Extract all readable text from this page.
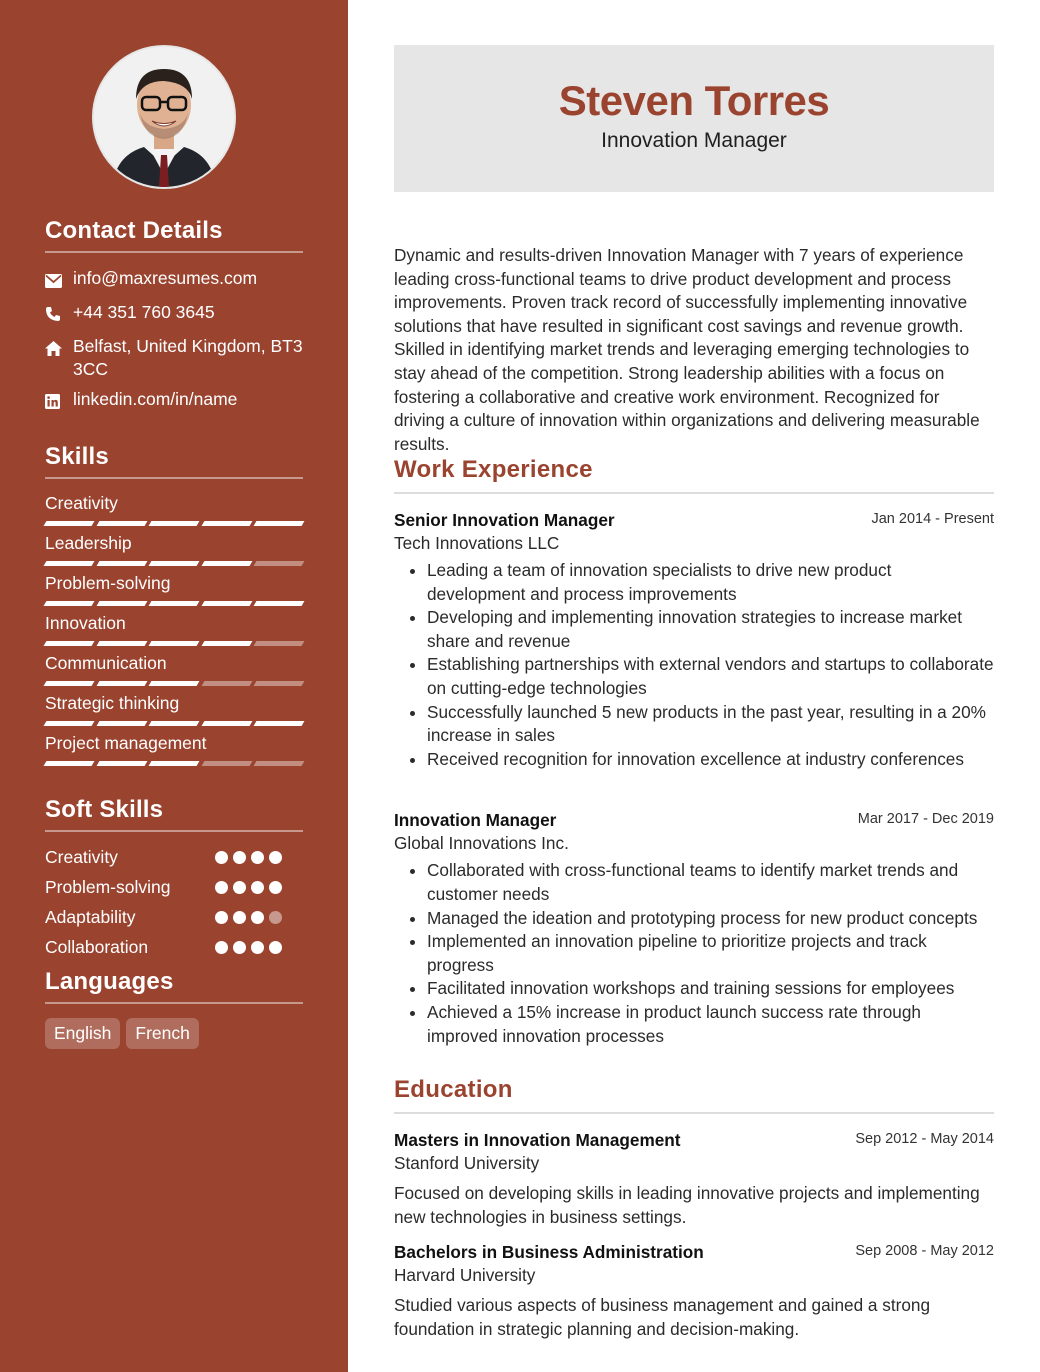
Contact Details
info@maxresumes.com
+44 351 760 3645
Belfast, United Kingdom, BT3 3CC
linkedin.com/in/name
Skills
Creativity
Leadership
Problem-solving
Innovation
Communication
Strategic thinking
Project management
Soft Skills
Creativity
Problem-solving
Adaptability
Collaboration
Languages
English	French
Steven Torres
Innovation Manager
Dynamic and results-driven Innovation Manager with 7 years of experience leading cross-functional teams to drive product development and process improvements. Proven track record of successfully implementing innovative solutions that have resulted in significant cost savings and revenue growth. Skilled in identifying market trends and leveraging emerging technologies to stay ahead of the competition. Strong leadership abilities with a focus on fostering a collaborative and creative work environment. Recognized for driving a culture of innovation within organizations and delivering measurable results.
Work Experience
Senior Innovation Manager	Jan 2014 - Present
Tech Innovations LLC
• Leading a team of innovation specialists to drive new product development and process improvements
• Developing and implementing innovation strategies to increase market share and revenue
• Establishing partnerships with external vendors and startups to collaborate on cutting-edge technologies
• Successfully launched 5 new products in the past year, resulting in a 20% increase in sales
• Received recognition for innovation excellence at industry conferences
Innovation Manager	Mar 2017 - Dec 2019
Global Innovations Inc.
• Collaborated with cross-functional teams to identify market trends and customer needs
• Managed the ideation and prototyping process for new product concepts
• Implemented an innovation pipeline to prioritize projects and track progress
• Facilitated innovation workshops and training sessions for employees
• Achieved a 15% increase in product launch success rate through improved innovation processes
Education
Masters in Innovation Management	Sep 2012 - May 2014
Stanford University
Focused on developing skills in leading innovative projects and implementing new technologies in business settings.
Bachelors in Business Administration	Sep 2008 - May 2012
Harvard University
Studied various aspects of business management and gained a strong foundation in strategic planning and decision-making.
